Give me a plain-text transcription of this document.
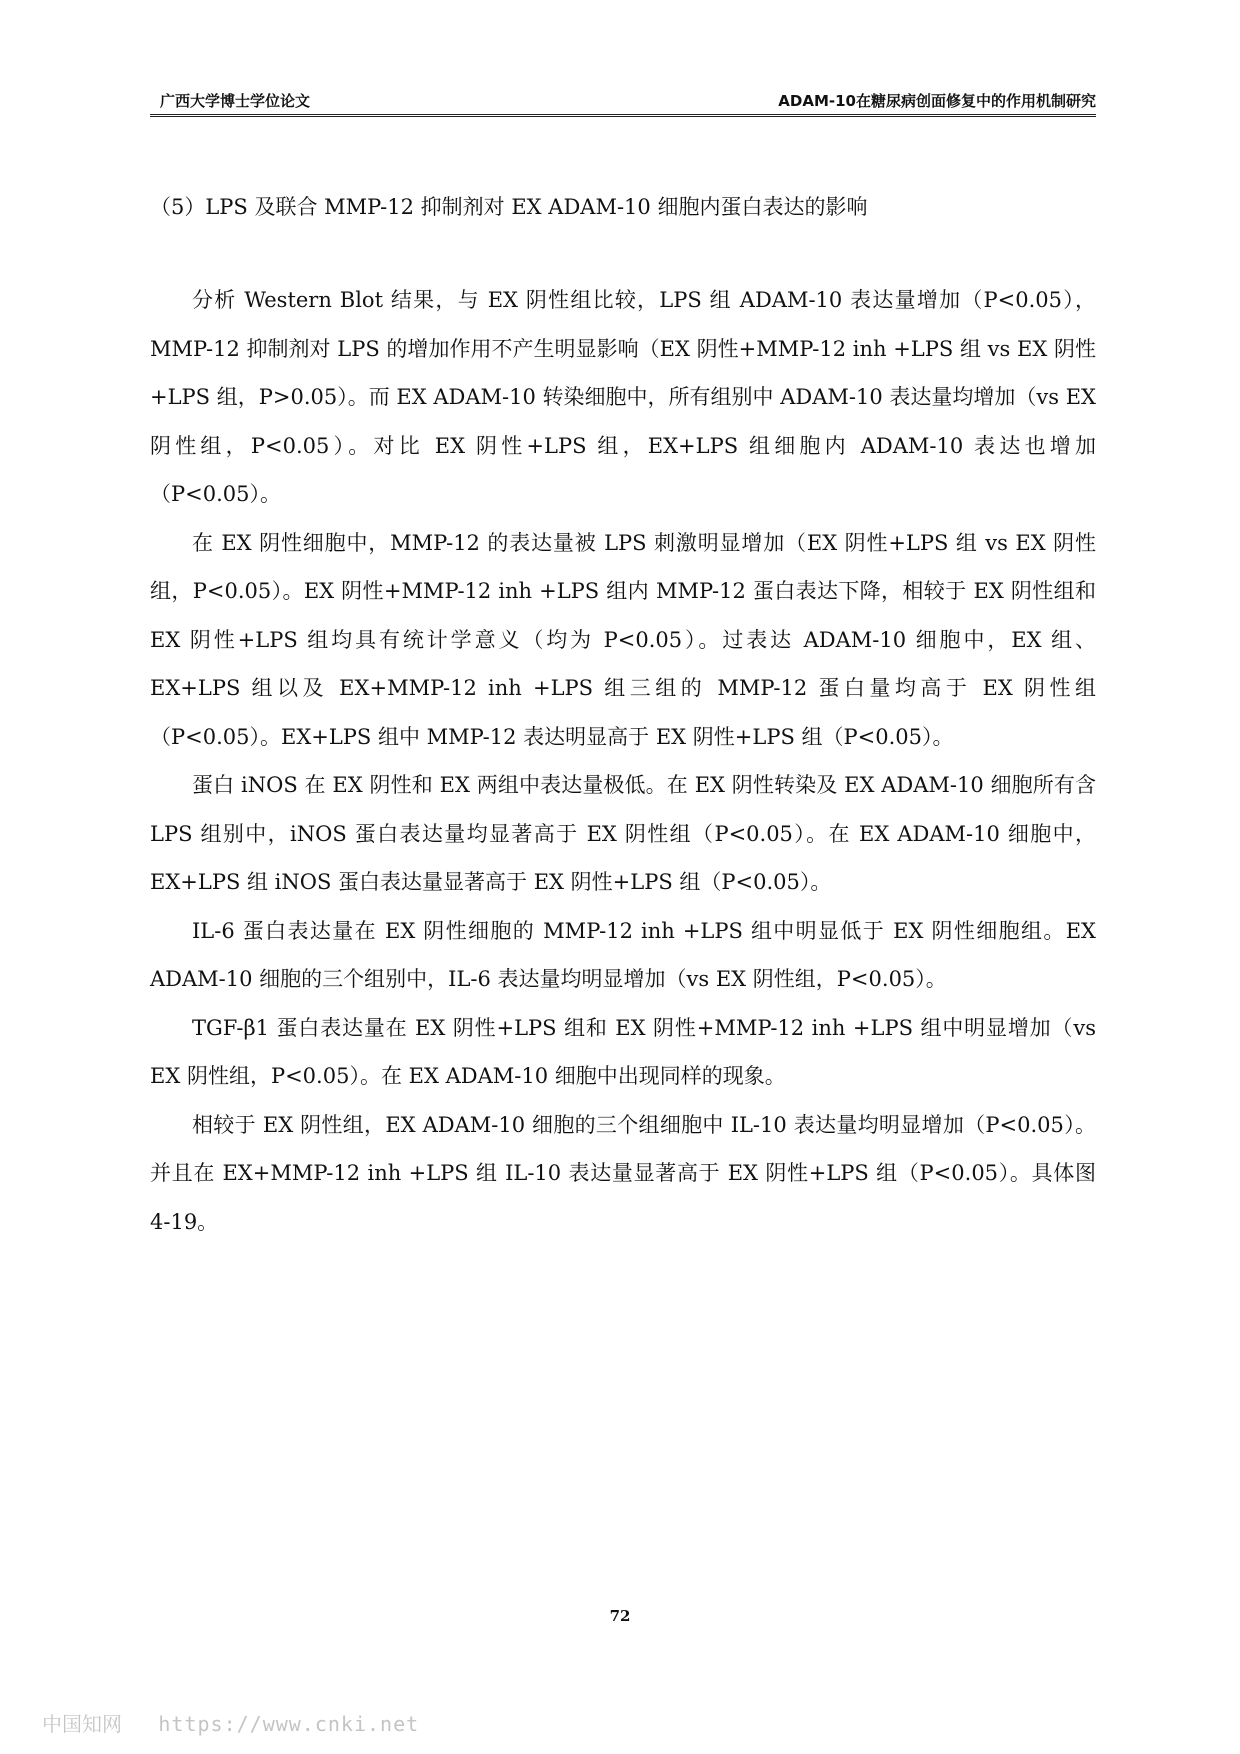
广西大学博士学位论文	ADAM-10在糖尿病创面修复中的作用机制研究

（5）LPS 及联合 MMP-12 抑制剂对 EX ADAM-10 细胞内蛋白表达的影响

分析 Western Blot 结果，与 EX 阴性组比较，LPS 组 ADAM-10 表达量增加（P<0.05），MMP-12 抑制剂对 LPS 的增加作用不产生明显影响（EX 阴性+MMP-12 inh +LPS 组 vs EX 阴性+LPS 组，P>0.05）。而 EX ADAM-10 转染细胞中，所有组别中 ADAM-10 表达量均增加（vs EX 阴性组，P<0.05）。对比 EX 阴性+LPS 组，EX+LPS 组细胞内 ADAM-10 表达也增加（P<0.05）。

在 EX 阴性细胞中，MMP-12 的表达量被 LPS 刺激明显增加（EX 阴性+LPS 组 vs EX 阴性组，P<0.05）。EX 阴性+MMP-12 inh +LPS 组内 MMP-12 蛋白表达下降，相较于 EX 阴性组和 EX 阴性+LPS 组均具有统计学意义（均为 P<0.05）。过表达 ADAM-10 细胞中，EX 组、EX+LPS 组以及 EX+MMP-12 inh +LPS 组三组的 MMP-12 蛋白量均高于 EX 阴性组（P<0.05）。EX+LPS 组中 MMP-12 表达明显高于 EX 阴性+LPS 组（P<0.05）。

蛋白 iNOS 在 EX 阴性和 EX 两组中表达量极低。在 EX 阴性转染及 EX ADAM-10 细胞所有含 LPS 组别中，iNOS 蛋白表达量均显著高于 EX 阴性组（P<0.05）。在 EX ADAM-10 细胞中，EX+LPS 组 iNOS 蛋白表达量显著高于 EX 阴性+LPS 组（P<0.05）。

IL-6 蛋白表达量在 EX 阴性细胞的 MMP-12 inh +LPS 组中明显低于 EX 阴性细胞组。EX ADAM-10 细胞的三个组别中，IL-6 表达量均明显增加（vs EX 阴性组，P<0.05）。

TGF-β1 蛋白表达量在 EX 阴性+LPS 组和 EX 阴性+MMP-12 inh +LPS 组中明显增加（vs EX 阴性组，P<0.05）。在 EX ADAM-10 细胞中出现同样的现象。

相较于 EX 阴性组，EX ADAM-10 细胞的三个组细胞中 IL-10 表达量均明显增加（P<0.05）。并且在 EX+MMP-12 inh +LPS 组 IL-10 表达量显著高于 EX 阴性+LPS 组（P<0.05）。具体图 4-19。

72
中国知网 https://www.cnki.net
